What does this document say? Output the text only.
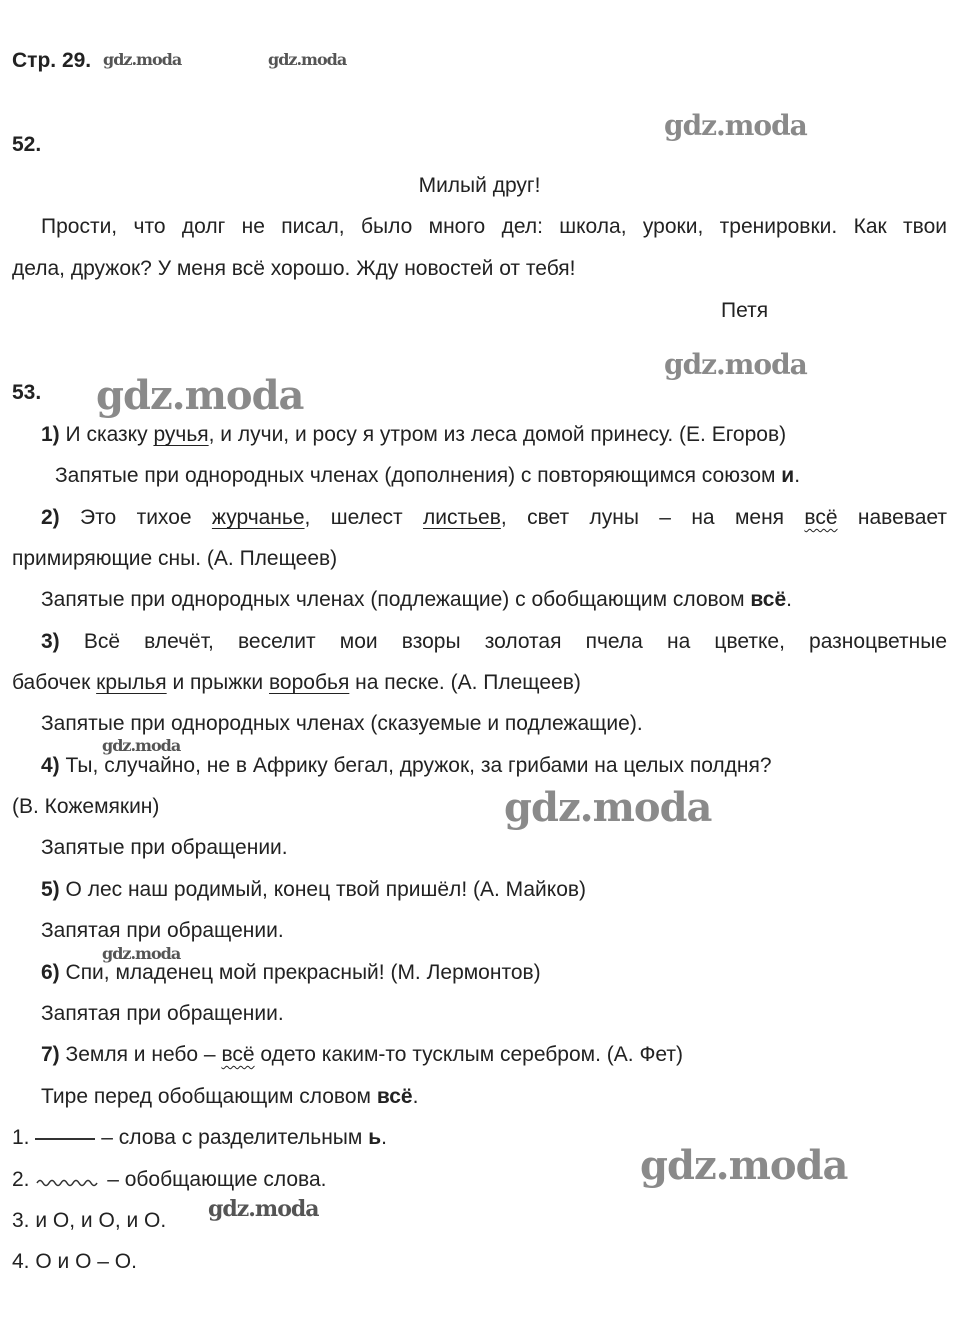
Стр. 29. gdz.moda	gdz.moda
gdz.moda
gdz.moda
gdz.moda
gdz.moda
gdz.moda
gdz.moda
gdz.moda
gdz.moda
52.
Милый друг!
Прости, что долг не писал, было много дел: школа, уроки, тренировки. Как твои
дела, дружок? У меня всё хорошо. Жду новостей от тебя!
Петя
53.
1) И сказку ручья, и лучи, и росу я утром из леса домой принесу. (Е. Егоров)
Запятые при однородных членах (дополнения) с повторяющимся союзом и.
2) Это тихое журчанье, шелест листьев, свет луны – на меня всё навевает
примиряющие сны. (А. Плещеев)
Запятые при однородных членах (подлежащие) с обобщающим словом всё.
3) Всё влечёт, веселит мои взоры золотая пчела на цветке, разноцветные
бабочек крылья и прыжки воробья на песке. (А. Плещеев)
Запятые при однородных членах (сказуемые и подлежащие).
4) Ты, случайно, не в Африку бегал, дружок, за грибами на целых полдня?
(В. Кожемякин)
Запятые при обращении.
5) О лес наш родимый, конец твой пришёл! (А. Майков)
Запятая при обращении.
6) Спи, младенец мой прекрасный! (М. Лермонтов)
Запятая при обращении.
7) Земля и небо – всё одето каким-то тусклым серебром. (А. Фет)
Тире перед обобщающим словом всё.
1.	– слова с разделительным ь.
2.	– обобщающие слова.
3. и О, и О, и О.
4. О и О – О.
